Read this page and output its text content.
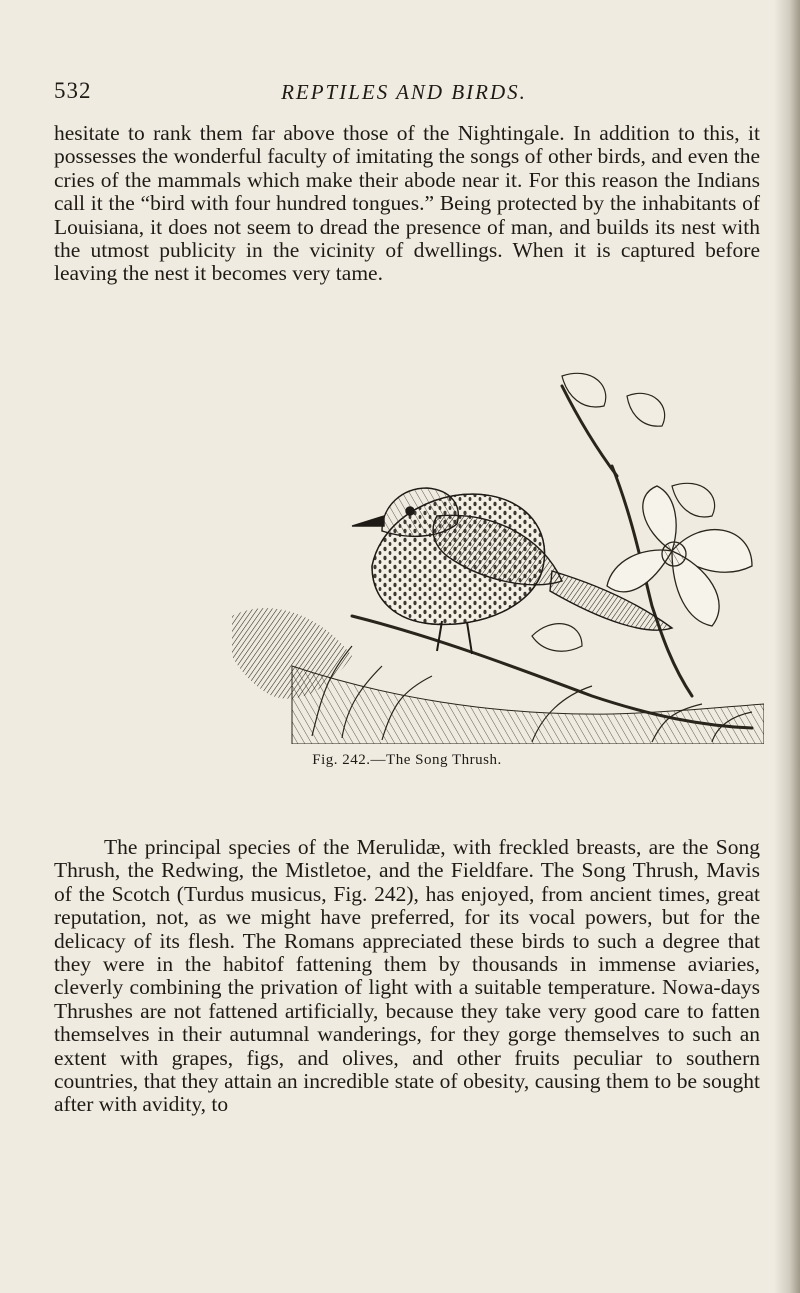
532	REPTILES AND BIRDS.

hesitate to rank them far above those of the Nightingale. In addition to this, it possesses the wonderful faculty of imitating the songs of other birds, and even the cries of the mammals which make their abode near it. For this reason the Indians call it the “bird with four hundred tongues.” Being protected by the inhabitants of Louisiana, it does not seem to dread the presence of man, and builds its nest with the utmost publicity in the vicinity of dwellings. When it is captured before leaving the nest it becomes very tame.

Fig. 242.—The Song Thrush.

The principal species of the Merulidæ, with freckled breasts, are the Song Thrush, the Redwing, the Mistletoe, and the Fieldfare. The Song Thrush, Mavis of the Scotch (Turdus musicus, Fig. 242), has enjoyed, from ancient times, great reputation, not, as we might have preferred, for its vocal powers, but for the delicacy of its flesh. The Romans appreciated these birds to such a degree that they were in the habitof fattening them by thousands in immense aviaries, cleverly combining the privation of light with a suitable temperature. Nowa-days Thrushes are not fattened artificially, because they take very good care to fatten themselves in their autumnal wanderings, for they gorge themselves to such an extent with grapes, figs, and olives, and other fruits peculiar to southern countries, that they attain an incredible state of obesity, causing them to be sought after with avidity, to
